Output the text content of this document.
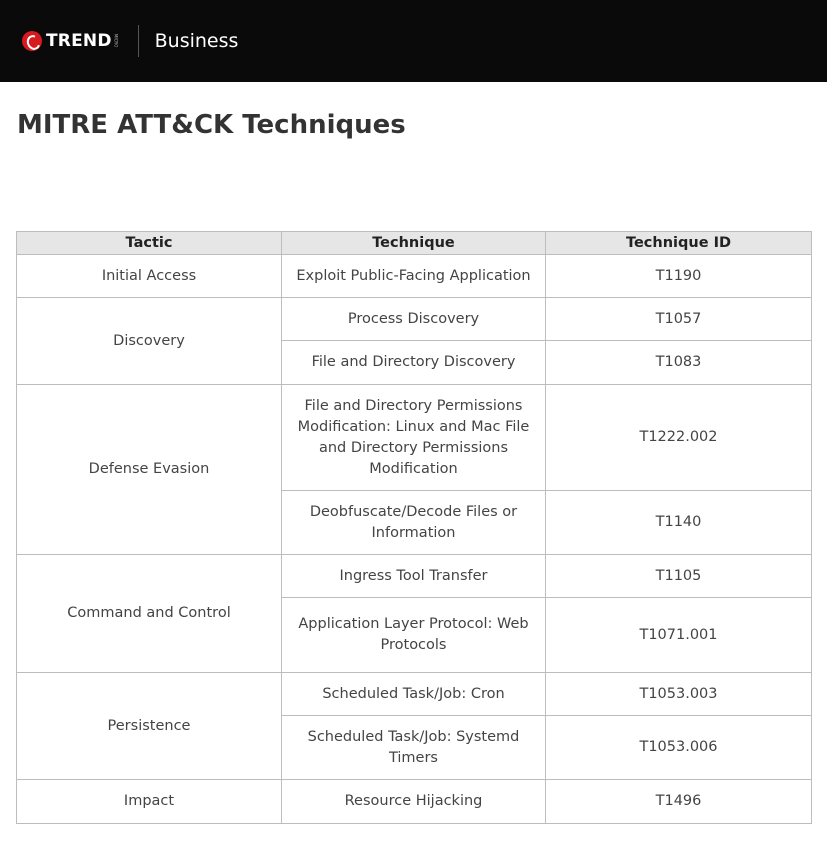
TREND MICRO Business
MITRE ATT&CK Techniques
Tactic	Technique	Technique ID
Initial Access	Exploit Public-Facing Application	T1190
Discovery	Process Discovery	T1057
	File and Directory Discovery	T1083
Defense Evasion	File and Directory Permissions Modification: Linux and Mac File and Directory Permissions Modification	T1222.002
	Deobfuscate/Decode Files or Information	T1140
Command and Control	Ingress Tool Transfer	T1105
	Application Layer Protocol: Web Protocols	T1071.001
Persistence	Scheduled Task/Job: Cron	T1053.003
	Scheduled Task/Job: Systemd Timers	T1053.006
Impact	Resource Hijacking	T1496
